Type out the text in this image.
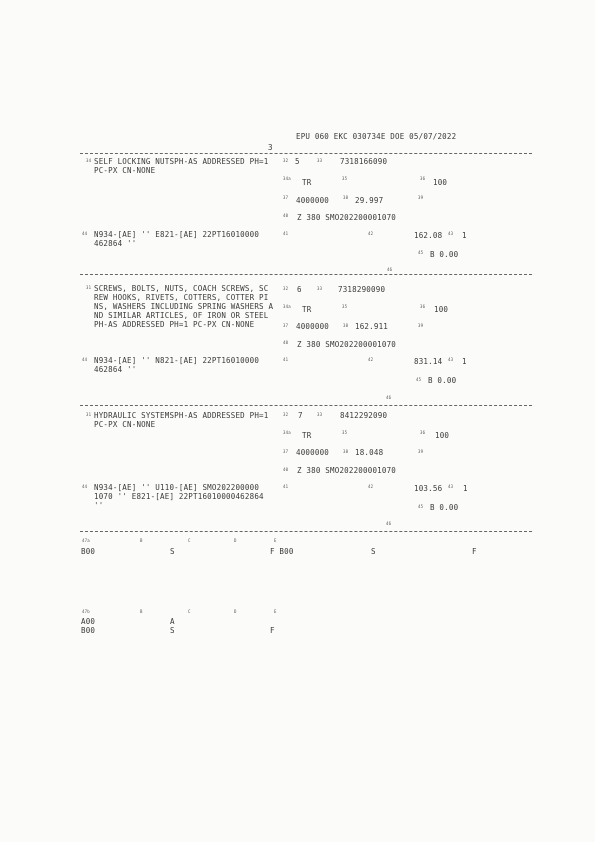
EPU 060 EKC 030734E DOE 05/07/2022
3
34 SELF LOCKING NUTSPH-AS ADDRESSED PH=1
PC-PX CN-NONE
32 5	33 7318166090
34a TR	35	36 100
37 4000000	38 29.997	39
40 Z 380 SMO202200001070
44 N934-[AE] '' E821-[AE] 22PT16010000
462864 ''
41	42	162.08 43 1
45 B 0.00
46
31 SCREWS, BOLTS, NUTS, COACH SCREWS, SC
REW HOOKS, RIVETS, COTTERS, COTTER PI
NS, WASHERS INCLUDING SPRING WASHERS A
ND SIMILAR ARTICLES, OF IRON OR STEEL
PH-AS ADDRESSED PH=1 PC-PX CN-NONE
32 6	33 7318290090
34a TR	35	36 100
37 4000000	38 162.911	39
40 Z 380 SMO202200001070
44 N934-[AE] '' N821-[AE] 22PT16010000
462864 ''
41	42	831.14 43 1
45 B 0.00
46
31 HYDRAULIC SYSTEMSPH-AS ADDRESSED PH=1
PC-PX CN-NONE
32 7	33 8412292090
34a TR	35	36 100
37 4000000	38 18.048	39
40 Z 380 SMO202200001070
44 N934-[AE] '' U110-[AE] SMO202200000
1070 '' E821-[AE] 22PT16010000462864
''
41	42	103.56 43 1
45 B 0.00
46
47a	B	C	D	E
B00	S	F B00	S	F
47b	B	C	D	E
A00	A
B00	S	F
